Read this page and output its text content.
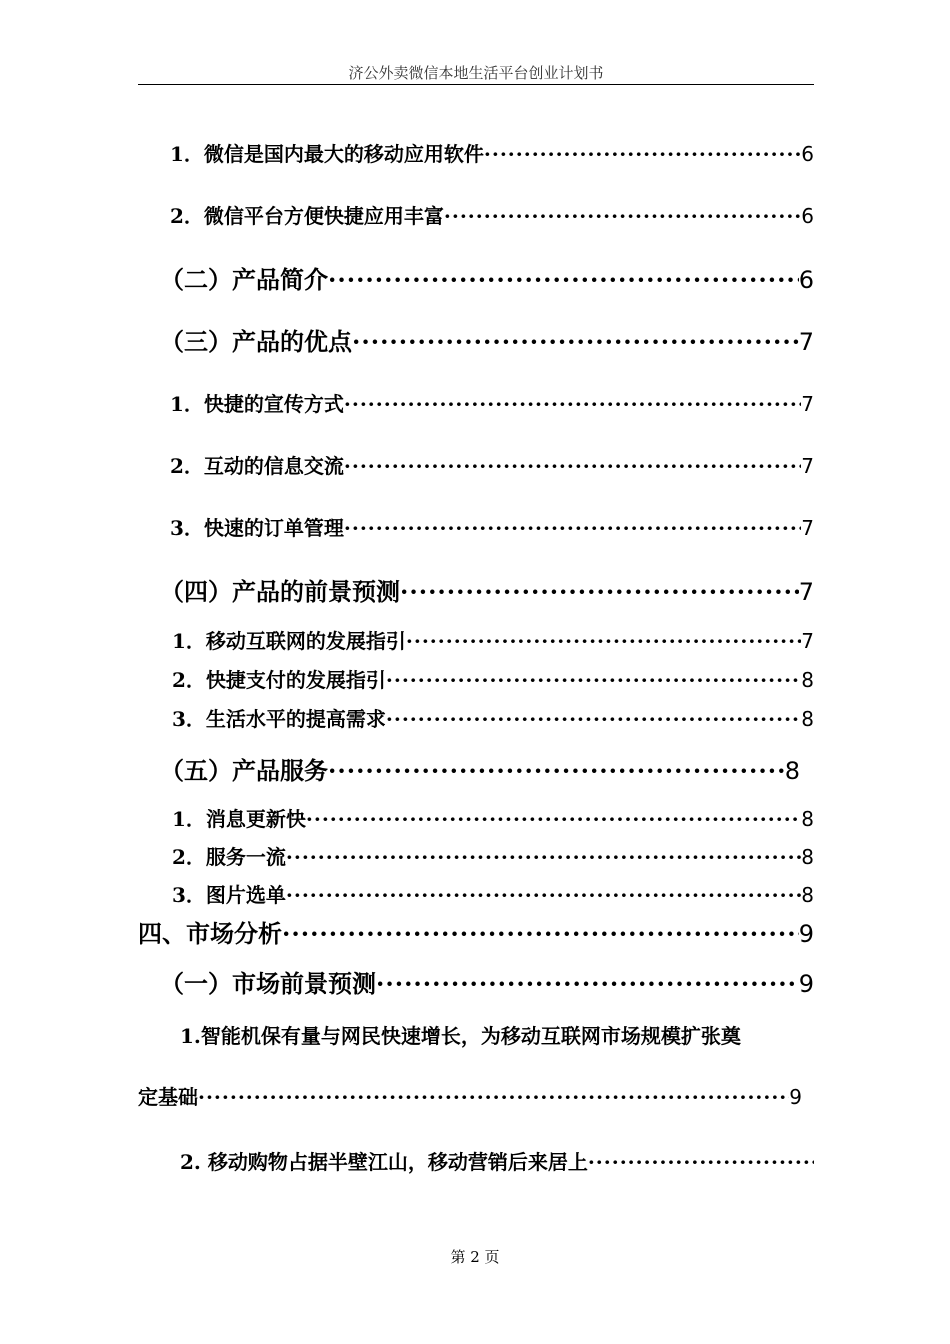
济公外卖微信本地生活平台创业计划书
1．微信是国内最大的移动应用软件 ·····	6
2．微信平台方便快捷应用丰富 ·····	6
（二）产品简介 ·····	6
（三）产品的优点 ·····	7
1．快捷的宣传方式 ·····	7
2．互动的信息交流 ·····	7
3．快速的订单管理 ·····	7
（四）产品的前景预测 ·····	7
1．移动互联网的发展指引 ·····	7
2．快捷支付的发展指引 ·····	8
3．生活水平的提高需求 ·····	8
（五）产品服务 ·····	8
1．消息更新快 ·····	8
2．服务一流 ·····	8
3．图片选单 ·····	8
四、市场分析 ·····	9
（一）市场前景预测 ·····	9
1.智能机保有量与网民快速增长，为移动互联网市场规模扩张奠
定基础 ·····	9
2. 移动购物占据半壁江山，移动营销后来居上
·····
第 2 页
